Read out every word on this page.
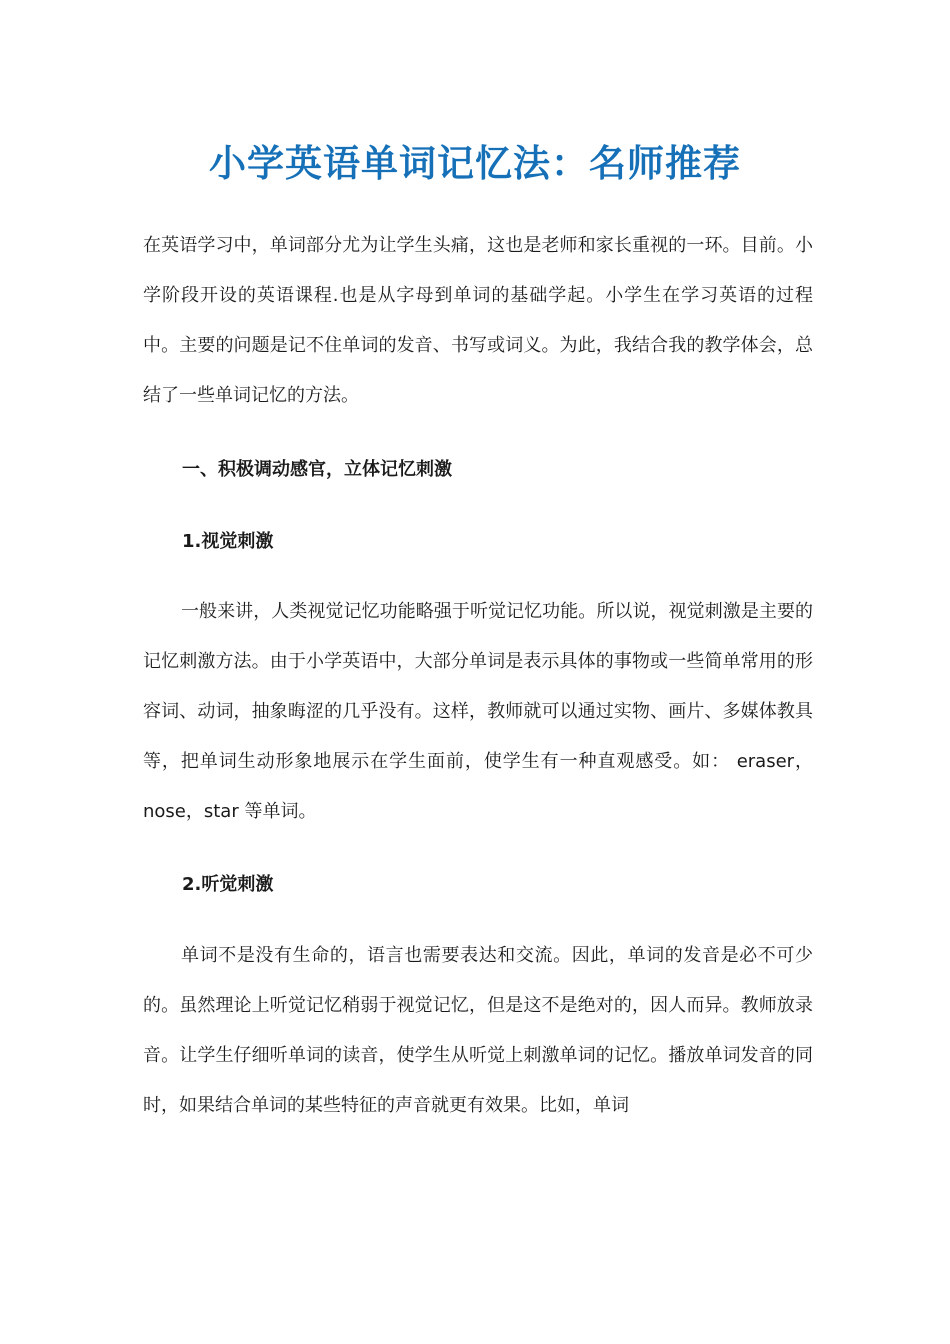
小学英语单词记忆法：名师推荐

在英语学习中，单词部分尤为让学生头痛，这也是老师和家长重视的一环。目前。小学阶段开设的英语课程.也是从字母到单词的基础学起。小学生在学习英语的过程中。主要的问题是记不住单词的发音、书写或词义。为此，我结合我的教学体会，总结了一些单词记忆的方法。

一、积极调动感官，立体记忆刺激
1.视觉刺激

一般来讲，人类视觉记忆功能略强于听觉记忆功能。所以说，视觉刺激是主要的记忆刺激方法。由于小学英语中，大部分单词是表示具体的事物或一些简单常用的形容词、动词，抽象晦涩的几乎没有。这样，教师就可以通过实物、画片、多媒体教具等，把单词生动形象地展示在学生面前，使学生有一种直观感受。如： eraser， nose，star 等单词。

2.听觉刺激

单词不是没有生命的，语言也需要表达和交流。因此，单词的发音是必不可少的。虽然理论上听觉记忆稍弱于视觉记忆，但是这不是绝对的，因人而异。教师放录音。让学生仔细听单词的读音，使学生从听觉上刺激单词的记忆。播放单词发音的同时，如果结合单词的某些特征的声音就更有效果。比如，单词
